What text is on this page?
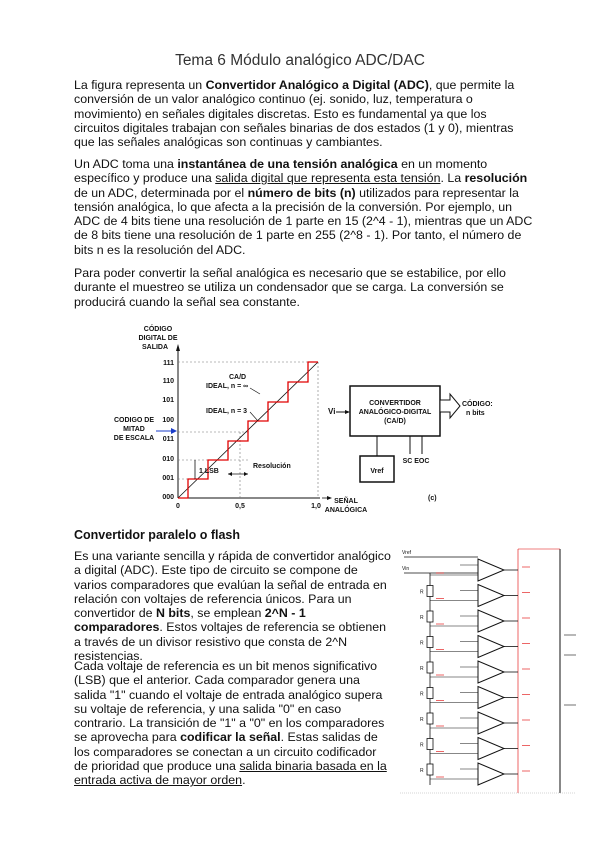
Tema 6 Módulo analógico ADC/DAC

La figura representa un Convertidor Analógico a Digital (ADC), que permite la conversión de un valor analógico continuo (ej. sonido, luz, temperatura o movimiento) en señales digitales discretas. Esto es fundamental ya que los circuitos digitales trabajan con señales binarias de dos estados (1 y 0), mientras que las señales analógicas son continuas y cambiantes.

Un ADC toma una instantánea de una tensión analógica en un momento específico y produce una salida digital que representa esta tensión. La resolución de un ADC, determinada por el número de bits (n) utilizados para representar la tensión analógica, lo que afecta a la precisión de la conversión. Por ejemplo, un ADC de 4 bits tiene una resolución de 1 parte en 15 (2^4 - 1), mientras que un ADC de 8 bits tiene una resolución de 1 parte en 255 (2^8 - 1). Por tanto, el número de bits n es la resolución del ADC.

Para poder convertir la señal analógica es necesario que se estabilice, por ello durante el muestreo se utiliza un condensador que se carga. La conversión se producirá cuando la señal sea constante.

CÓDIGO
DIGITAL DE
SALIDA
111
110
101
100
011
010
001
000
1 LSB
Resolución
CA/D
IDEAL, n = ∞
IDEAL, n = 3
CODIGO DE
MITAD
DE ESCALA
0	0,5	1,0
SEÑAL
ANALÓGICA
Vi
CONVERTIDOR
ANALÓGICO-DIGITAL
(CA/D)
CÓDIGO:
n bits
Vref
SC EOC
(c)

Convertidor paralelo o flash

Es una variante sencilla y rápida de convertidor analógico a digital (ADC). Este tipo de circuito se compone de varios comparadores que evalúan la señal de entrada en relación con voltajes de referencia únicos. Para un convertidor de N bits, se emplean 2^N - 1 comparadores. Estos voltajes de referencia se obtienen a través de un divisor resistivo que consta de 2^N resistencias.

Cada voltaje de referencia es un bit menos significativo (LSB) que el anterior. Cada comparador genera una salida "1" cuando el voltaje de entrada analógico supera su voltaje de referencia, y una salida "0" en caso contrario. La transición de "1" a "0" en los comparadores se aprovecha para codificar la señal. Estas salidas de los comparadores se conectan a un circuito codificador de prioridad que produce una salida binaria basada en la entrada activa de mayor orden.

R
R
R
R
R
R
R
R
Vin
Vref
